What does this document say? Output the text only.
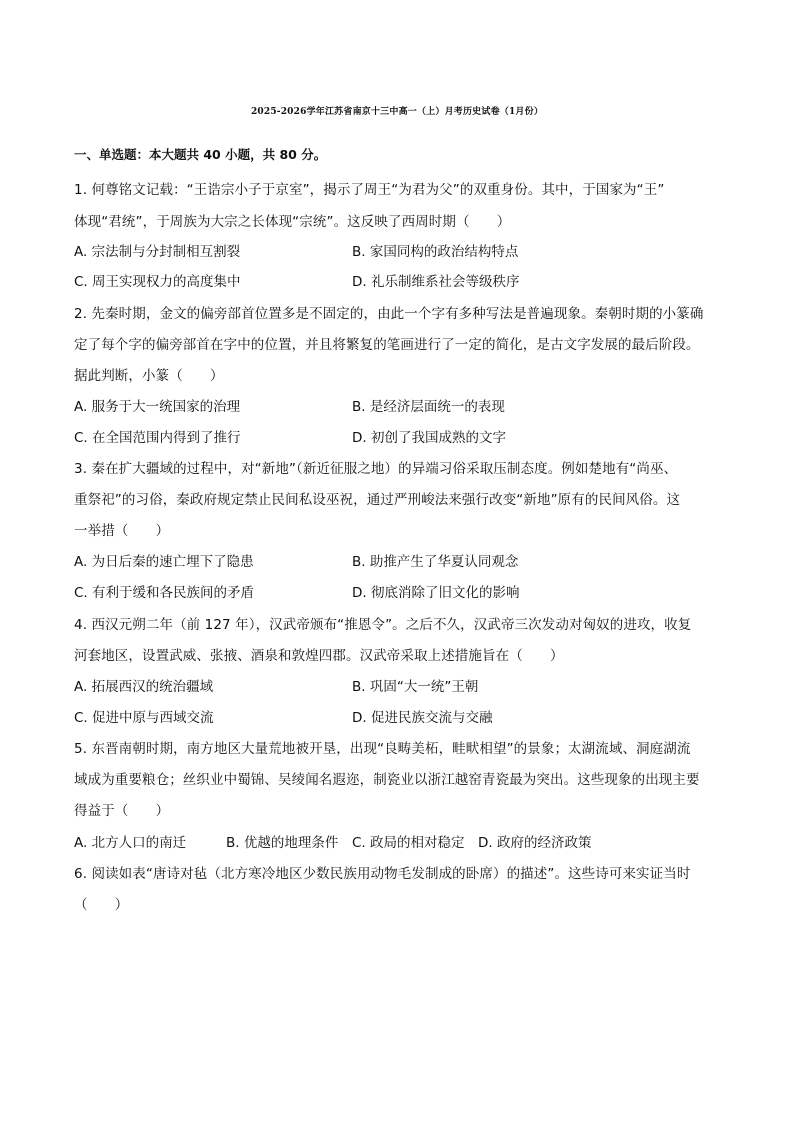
2025-2026学年江苏省南京十三中高一（上）月考历史试卷（1月份）
一、单选题：本大题共 40 小题，共 80 分。
1. 何尊铭文记载：“王诰宗小子于京室”，揭示了周王“为君为父”的双重身份。其中，于国家为“王”
体现“君统”，于周族为大宗之长体现“宗统”。这反映了西周时期（　　）
A. 宗法制与分封制相互割裂	B. 家国同构的政治结构特点
C. 周王实现权力的高度集中	D. 礼乐制维系社会等级秩序
2. 先秦时期，金文的偏旁部首位置多是不固定的，由此一个字有多种写法是普遍现象。秦朝时期的小篆确
定了每个字的偏旁部首在字中的位置，并且将繁复的笔画进行了一定的简化，是古文字发展的最后阶段。
据此判断，小篆（　　）
A. 服务于大一统国家的治理	B. 是经济层面统一的表现
C. 在全国范围内得到了推行	D. 初创了我国成熟的文字
3. 秦在扩大疆域的过程中，对“新地”（新近征服之地）的异端习俗采取压制态度。例如楚地有“尚巫、
重祭祀”的习俗，秦政府规定禁止民间私设巫祝，通过严刑峻法来强行改变“新地”原有的民间风俗。这
一举措（　　）
A. 为日后秦的速亡埋下了隐患	B. 助推产生了华夏认同观念
C. 有利于缓和各民族间的矛盾	D. 彻底消除了旧文化的影响
4. 西汉元朔二年（前 127 年），汉武帝颁布“推恩令”。之后不久，汉武帝三次发动对匈奴的进攻，收复
河套地区，设置武威、张掖、酒泉和敦煌四郡。汉武帝采取上述措施旨在（　　）
A. 拓展西汉的统治疆域	B. 巩固“大一统”王朝
C. 促进中原与西域交流	D. 促进民族交流与交融
5. 东晋南朝时期，南方地区大量荒地被开垦，出现“良畴美柘，畦畎相望”的景象；太湖流域、洞庭湖流
域成为重要粮仓；丝织业中蜀锦、吴绫闻名遐迩，制瓷业以浙江越窑青瓷最为突出。这些现象的出现主要
得益于（　　）
A. 北方人口的南迁	B. 优越的地理条件 C. 政局的相对稳定 D. 政府的经济政策
6. 阅读如表“唐诗对毡（北方寒冷地区少数民族用动物毛发制成的卧席）的描述”。这些诗可来实证当时
（　　）
